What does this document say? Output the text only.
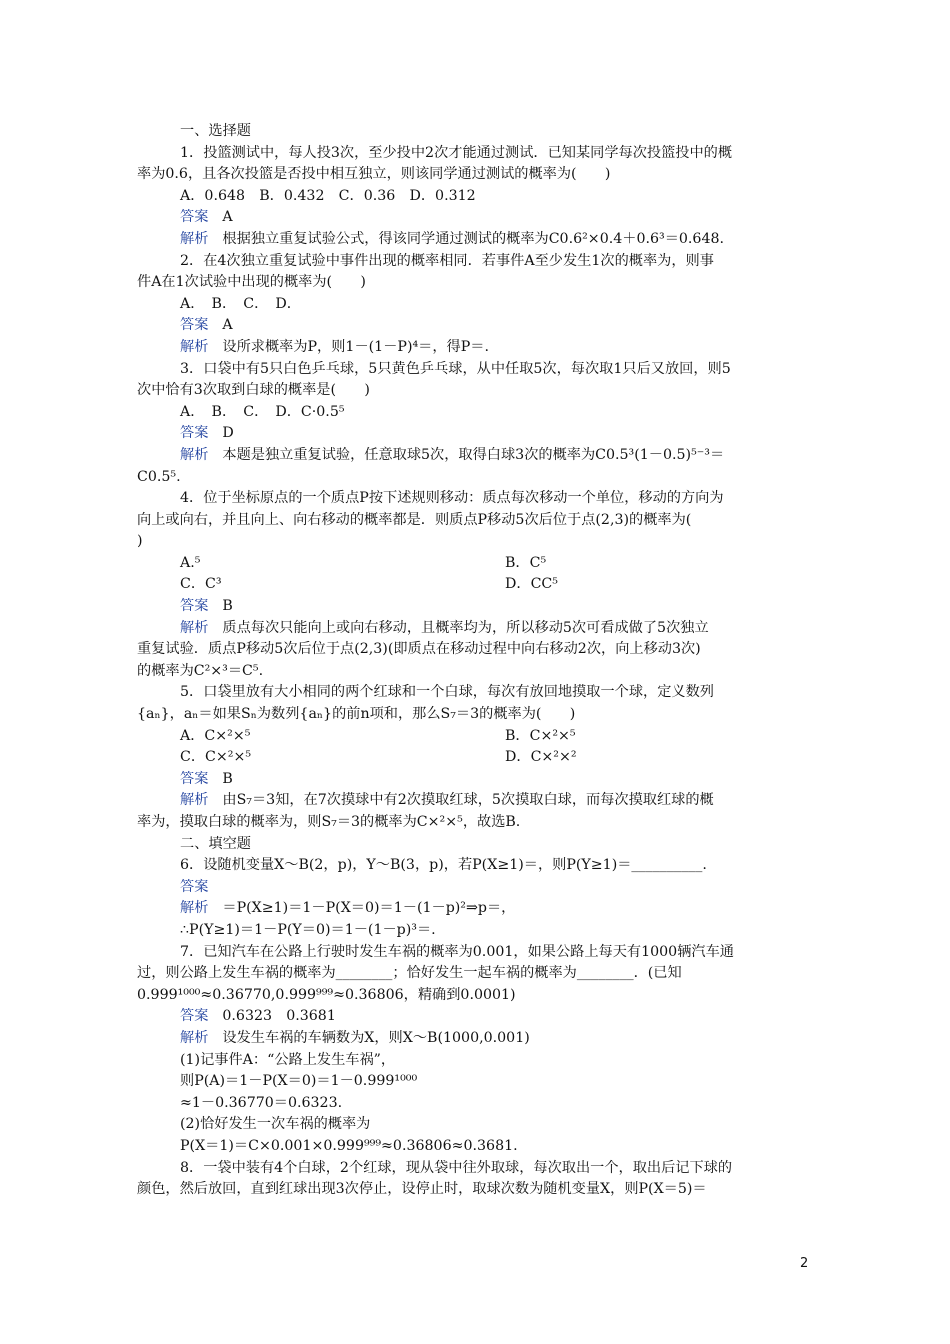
一、选择题
1．投篮测试中，每人投3次，至少投中2次才能通过测试．已知某同学每次投篮投中的概
率为0.6，且各次投篮是否投中相互独立，则该同学通过测试的概率为(　　)
A．0.648　B．0.432　C．0.36　D．0.312
答案 A
解析 根据独立重复试验公式，得该同学通过测试的概率为C0.6²×0.4＋0.6³＝0.648.
2．在4次独立重复试验中事件出现的概率相同．若事件A至少发生1次的概率为，则事
件A在1次试验中出现的概率为(　　)
A．　B．　C．　D．
答案 A
解析 设所求概率为P，则1－(1－P)⁴＝，得P＝.
3．口袋中有5只白色乒乓球，5只黄色乒乓球，从中任取5次，每次取1只后又放回，则5
次中恰有3次取到白球的概率是(　　)
A．　B．　C．　D．C·0.5⁵
答案 D
解析 本题是独立重复试验，任意取球5次，取得白球3次的概率为C0.5³(1－0.5)⁵⁻³＝
C0.5⁵.
4．位于坐标原点的一个质点P按下述规则移动：质点每次移动一个单位，移动的方向为
向上或向右，并且向上、向右移动的概率都是．则质点P移动5次后位于点(2,3)的概率为(
)
A.⁵	B．C⁵
C．C³	D．CC⁵
答案 B
解析 质点每次只能向上或向右移动，且概率均为，所以移动5次可看成做了5次独立
重复试验．质点P移动5次后位于点(2,3)(即质点在移动过程中向右移动2次，向上移动3次)
的概率为C²×³＝C⁵.
5．口袋里放有大小相同的两个红球和一个白球，每次有放回地摸取一个球，定义数列
{aₙ}，aₙ＝如果Sₙ为数列{aₙ}的前n项和，那么S₇＝3的概率为(　　)
A．C×²×⁵	B．C×²×⁵
C．C×²×⁵	D．C×²×²
答案 B
解析 由S₇＝3知，在7次摸球中有2次摸取红球，5次摸取白球，而每次摸取红球的概
率为，摸取白球的概率为，则S₇＝3的概率为C×²×⁵，故选B.
二、填空题
6．设随机变量X～B(2，p)，Y～B(3，p)，若P(X≥1)＝，则P(Y≥1)＝__________.
答案
解析 ＝P(X≥1)＝1－P(X＝0)＝1－(1－p)²⇒p＝，
∴P(Y≥1)＝1－P(Y＝0)＝1－(1－p)³＝.
7．已知汽车在公路上行驶时发生车祸的概率为0.001，如果公路上每天有1000辆汽车通
过，则公路上发生车祸的概率为________；恰好发生一起车祸的概率为________．(已知
0.999¹⁰⁰⁰≈0.36770,0.999⁹⁹⁹≈0.36806，精确到0.0001)
答案 0.6323　0.3681
解析 设发生车祸的车辆数为X，则X～B(1000,0.001)
(1)记事件A：“公路上发生车祸”，
则P(A)＝1－P(X＝0)＝1－0.999¹⁰⁰⁰
≈1－0.36770＝0.6323.
(2)恰好发生一次车祸的概率为
P(X＝1)＝C×0.001×0.999⁹⁹⁹≈0.36806≈0.3681.
8．一袋中装有4个白球，2个红球，现从袋中往外取球，每次取出一个，取出后记下球的
颜色，然后放回，直到红球出现3次停止，设停止时，取球次数为随机变量X，则P(X＝5)＝
2
